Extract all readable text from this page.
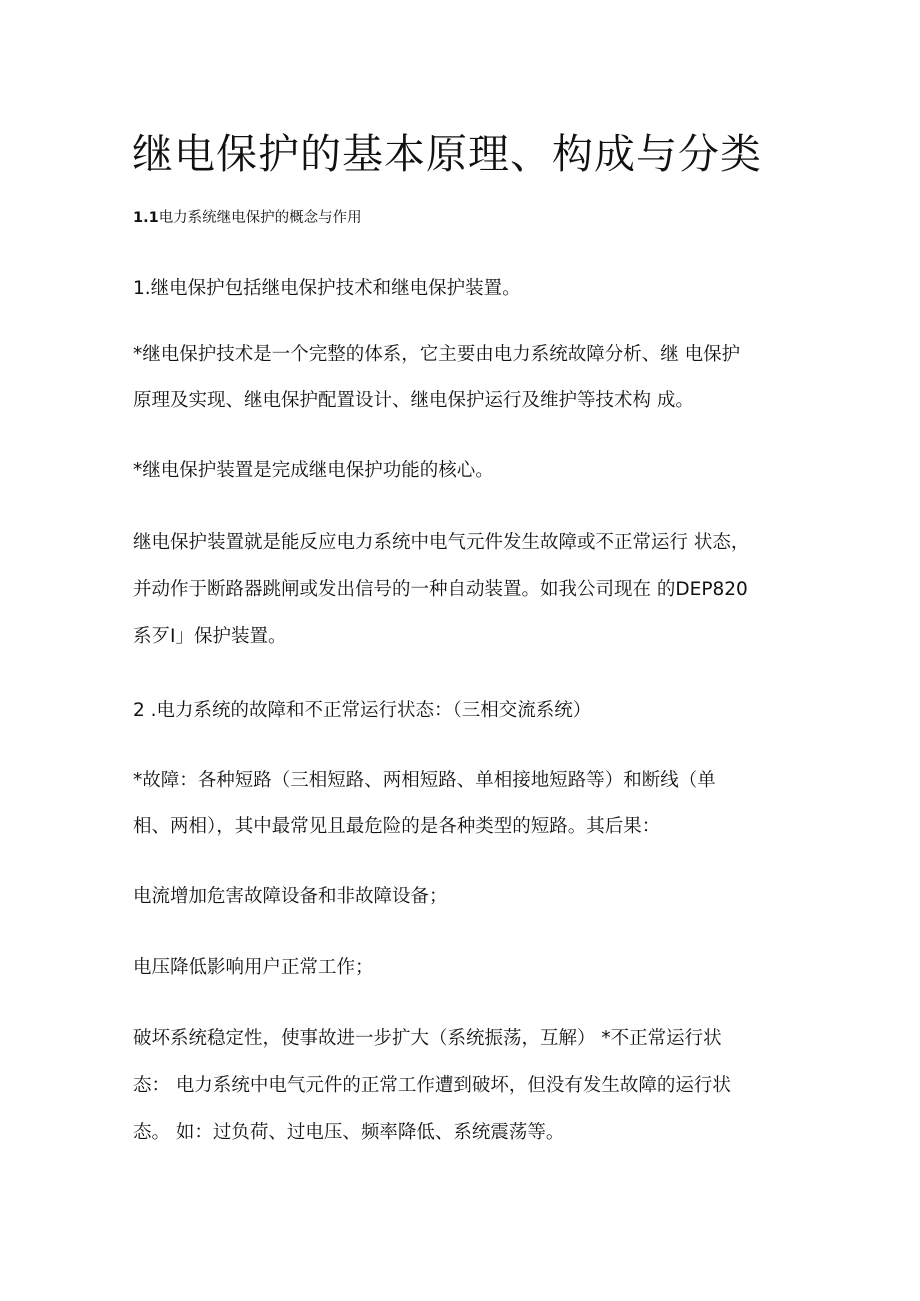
继电保护的基本原理、构成与分类
1.1电力系统继电保护的概念与作用

1.继电保护包括继电保护技术和继电保护装置。

*继电保护技术是一个完整的体系，它主要由电力系统故障分析、继 电保护

原理及实现、继电保护配置设计、继电保护运行及维护等技术构 成。

*继电保护装置是完成继电保护功能的核心。

继电保护装置就是能反应电力系统中电气元件发生故障或不正常运行 状态，

并动作于断路器跳闸或发出信号的一种自动装置。如我公司现在 的DEP820

系歹I」保护装置。

2 .电力系统的故障和不正常运行状态：（三相交流系统）

*故障：各种短路（三相短路、两相短路、单相接地短路等）和断线（单

相、两相），其中最常见且最危险的是各种类型的短路。其后果：

电流增加危害故障设备和非故障设备；

电压降低影响用户正常工作；

破坏系统稳定性，使事故进一步扩大（系统振荡，互解） *不正常运行状

态： 电力系统中电气元件的正常工作遭到破坏，但没有发生故障的运行状

态。 如：过负荷、过电压、频率降低、系统震荡等。
